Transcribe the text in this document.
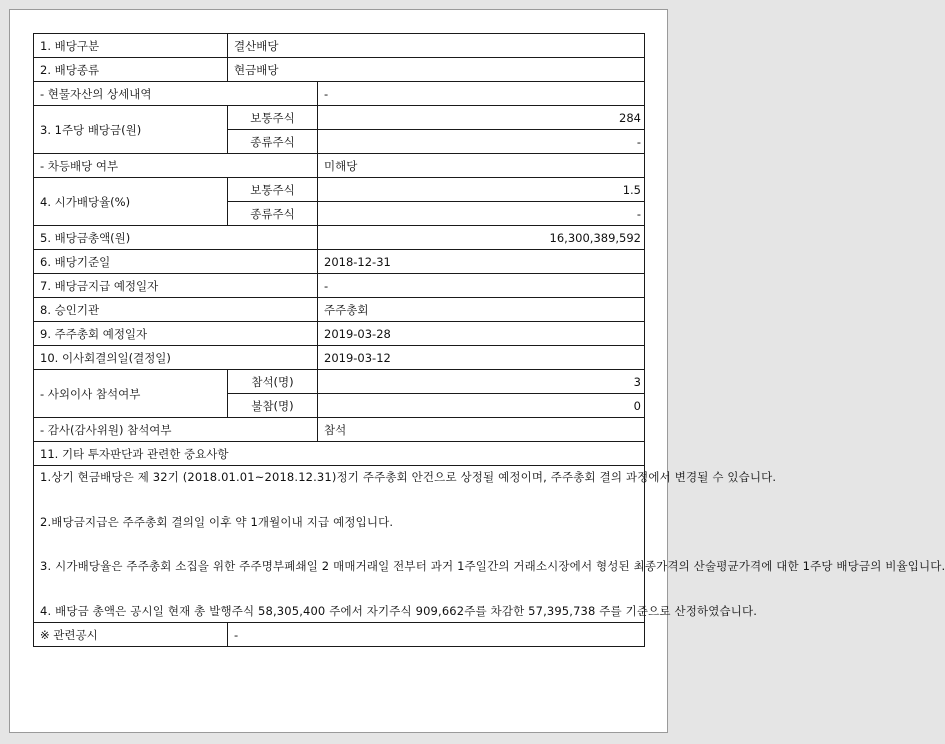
1. 배당구분	결산배당	
2. 배당종류	현금배당	
- 현물자산의 상세내역		-
3. 1주당 배당금(원)	보통주식	284
	종류주식	-
- 차등배당 여부		미해당
4. 시가배당율(%)	보통주식	1.5
	종류주식	-
5. 배당금총액(원)		16,300,389,592
6. 배당기준일		2018-12-31
7. 배당금지급 예정일자		-
8. 승인기관		주주총회
9. 주주총회 예정일자		2019-03-28
10. 이사회결의일(결정일)		2019-03-12
- 사외이사 참석여부	참석(명)	3
	불참(명)	0
- 감사(감사위원) 참석여부		참석
11. 기타 투자판단과 관련한 중요사항		

1.상기 현금배당은 제 32기 (2018.01.01~2018.12.31)정기 주주총회 안건으로 상정될 예정이며, 주주총회 결의 과정에서 변경될 수 있습니다.
2.배당금지급은 주주총회 결의일 이후 약 1개월이내 지급 예정입니다.
3. 시가배당율은 주주총회 소집을 위한 주주명부폐쇄일 2 매매거래일 전부터 과거 1주일간의 거래소시장에서 형성된 최종가격의 산술평균가격에 대한 1주당 배당금의 비율입니다.
4. 배당금 총액은 공시일 현재 총 발행주식 58,305,400 주에서 자기주식 909,662주를 차감한 57,395,738 주를 기준으로 산정하였습니다.		

※ 관련공시	-	
